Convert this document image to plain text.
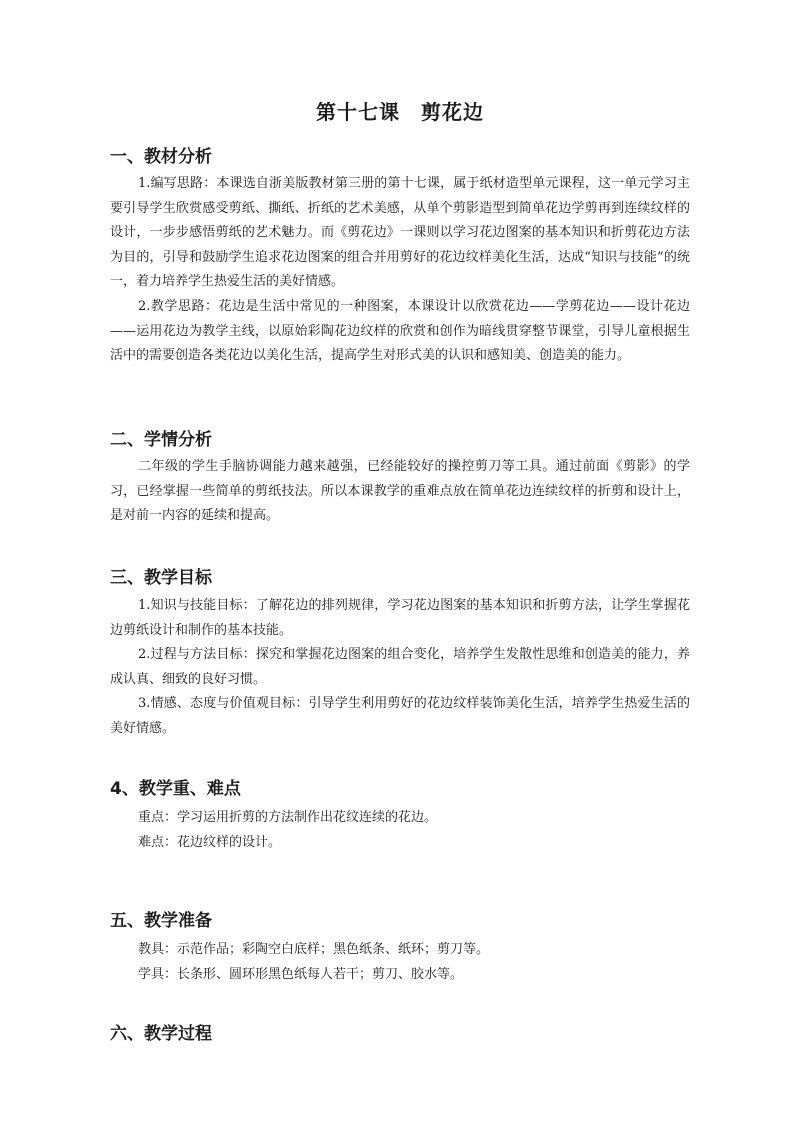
第十七课　剪花边
一、教材分析

1.编写思路：本课选自浙美版教材第三册的第十七课，属于纸材造型单元课程，这一单元学习主要引导学生欣赏感受剪纸、撕纸、折纸的艺术美感，从单个剪影造型到简单花边学剪再到连续纹样的设计，一步步感悟剪纸的艺术魅力。而《剪花边》一课则以学习花边图案的基本知识和折剪花边方法为目的，引导和鼓励学生追求花边图案的组合并用剪好的花边纹样美化生活，达成“知识与技能”的统一，着力培养学生热爱生活的美好情感。

2.教学思路：花边是生活中常见的一种图案，本课设计以欣赏花边——学剪花边——设计花边——运用花边为教学主线，以原始彩陶花边纹样的欣赏和创作为暗线贯穿整节课堂，引导儿童根据生活中的需要创造各类花边以美化生活，提高学生对形式美的认识和感知美、创造美的能力。

二、学情分析

二年级的学生手脑协调能力越来越强，已经能较好的操控剪刀等工具。通过前面《剪影》的学习，已经掌握一些简单的剪纸技法。所以本课教学的重难点放在简单花边连续纹样的折剪和设计上，是对前一内容的延续和提高。

三、教学目标

1.知识与技能目标：了解花边的排列规律，学习花边图案的基本知识和折剪方法，让学生掌握花边剪纸设计和制作的基本技能。

2.过程与方法目标：探究和掌握花边图案的组合变化，培养学生发散性思维和创造美的能力，养成认真、细致的良好习惯。

3.情感、态度与价值观目标：引导学生利用剪好的花边纹样装饰美化生活，培养学生热爱生活的美好情感。

4、教学重、难点
重点：学习运用折剪的方法制作出花纹连续的花边。
难点：花边纹样的设计。
五、教学准备
教具：示范作品；彩陶空白底样；黑色纸条、纸环；剪刀等。
学具：长条形、圆环形黑色纸每人若干；剪刀、胶水等。
六、教学过程
